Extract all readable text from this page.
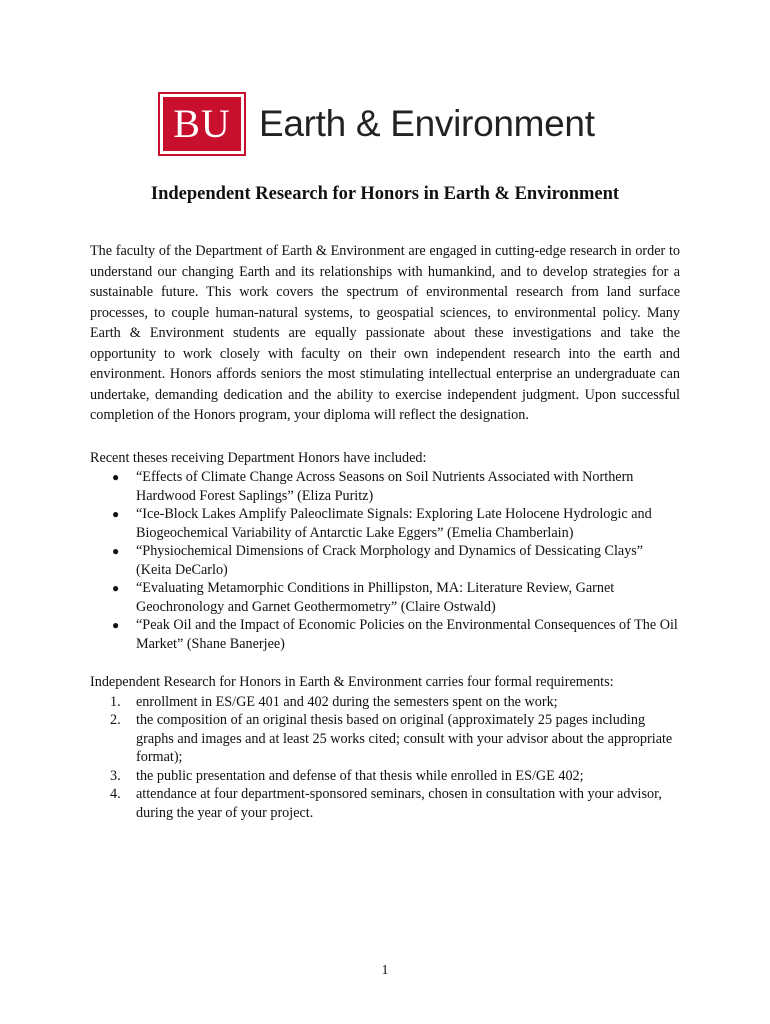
BU Earth & Environment
Independent Research for Honors in Earth & Environment

The faculty of the Department of Earth & Environment are engaged in cutting-edge research in order to understand our changing Earth and its relationships with humankind, and to develop strategies for a sustainable future. This work covers the spectrum of environmental research from land surface processes, to couple human-natural systems, to geospatial sciences, to environmental policy. Many Earth & Environment students are equally passionate about these investigations and take the opportunity to work closely with faculty on their own independent research into the earth and environment. Honors affords seniors the most stimulating intellectual enterprise an undergraduate can undertake, demanding dedication and the ability to exercise independent judgment. Upon successful completion of the Honors program, your diploma will reflect the designation.

Recent theses receiving Department Honors have included:

● “Effects of Climate Change Across Seasons on Soil Nutrients Associated with Northern Hardwood Forest Saplings” (Eliza Puritz)
● “Ice-Block Lakes Amplify Paleoclimate Signals: Exploring Late Holocene Hydrologic and Biogeochemical Variability of Antarctic Lake Eggers” (Emelia Chamberlain)
● “Physiochemical Dimensions of Crack Morphology and Dynamics of Dessicating Clays” (Keita DeCarlo)
● “Evaluating Metamorphic Conditions in Phillipston, MA: Literature Review, Garnet Geochronology and Garnet Geothermometry” (Claire Ostwald)
● “Peak Oil and the Impact of Economic Policies on the Environmental Consequences of The Oil Market” (Shane Banerjee)

Independent Research for Honors in Earth & Environment carries four formal requirements:

1. enrollment in ES/GE 401 and 402 during the semesters spent on the work;
2. the composition of an original thesis based on original (approximately 25 pages including graphs and images and at least 25 works cited; consult with your advisor about the appropriate format);
3. the public presentation and defense of that thesis while enrolled in ES/GE 402;
4. attendance at four department-sponsored seminars, chosen in consultation with your advisor, during the year of your project.
1
